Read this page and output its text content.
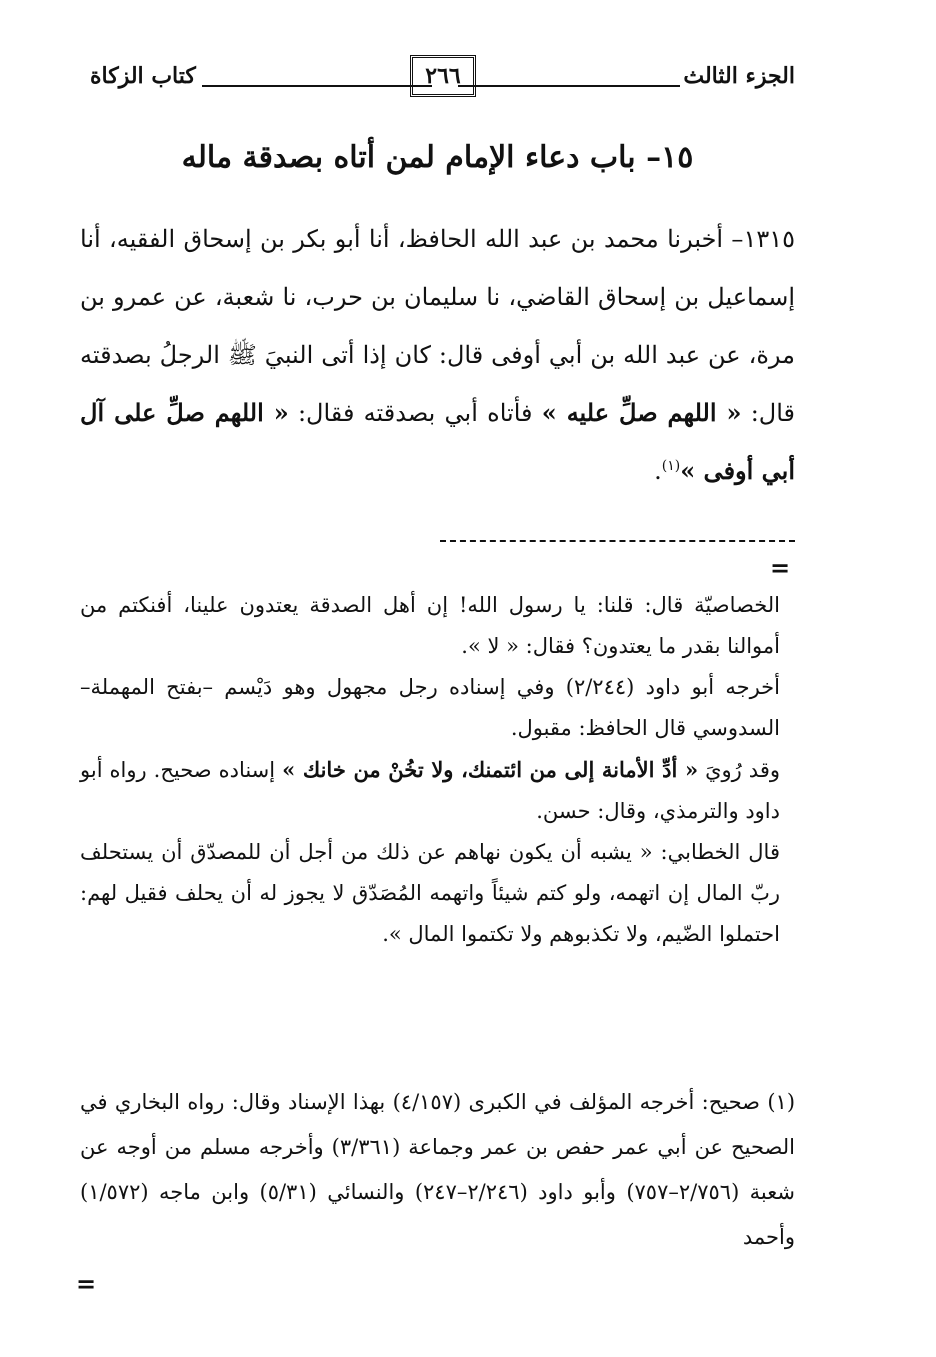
الجزء الثالث
٢٦٦
كتاب الزكاة
١٥– باب دعاء الإمام لمن أتاه بصدقة ماله

١٣١٥– أخبرنا محمد بن عبد الله الحافظ، أنا أبو بكر بن إسحاق الفقيه، أنا إسماعيل بن إسحاق القاضي، نا سليمان بن حرب، نا شعبة، عن عمرو بن مرة، عن عبد الله بن أبي أوفى قال: كان إذا أتى النبيَ ﷺ الرجلُ بصدقته قال: « اللهم صلِّ عليه » فأتاه أبي بصدقته فقال: « اللهم صلِّ على آل أبي أوفى »$^{(١)}$.

=

الخصاصيّة قال: قلنا: يا رسول الله! إن أهل الصدقة يعتدون علينا، أفنكتم من أموالنا بقدر ما يعتدون؟ فقال: « لا ».

أخرجه أبو داود (٢/٢٤٤) وفي إسناده رجل مجهول وهو دَيْسم –بفتح المهملة– السدوسي قال الحافظ: مقبول.

وقد رُويَ « أدِّ الأمانة إلى من ائتمنك، ولا تخُنْ من خانك » إسناده صحيح. رواه أبو داود والترمذي، وقال: حسن.

قال الخطابي: « يشبه أن يكون نهاهم عن ذلك من أجل أن للمصدّق أن يستحلف ربّ المال إن اتهمه، ولو كتم شيئاً واتهمه المُصَدّق لا يجوز له أن يحلف فقيل لهم: احتملوا الضّيم، ولا تكذبوهم ولا تكتموا المال ».

(١) صحيح: أخرجه المؤلف في الكبرى (٤/١٥٧) بهذا الإسناد وقال: رواه البخاري في الصحيح عن أبي عمر حفص بن عمر وجماعة (٣/٣٦١) وأخرجه مسلم من أوجه عن شعبة (٢/٧٥٦–٧٥٧) وأبو داود (٢/٢٤٦–٢٤٧) والنسائي (٥/٣١) وابن ماجه (١/٥٧٢) وأحمد

=
